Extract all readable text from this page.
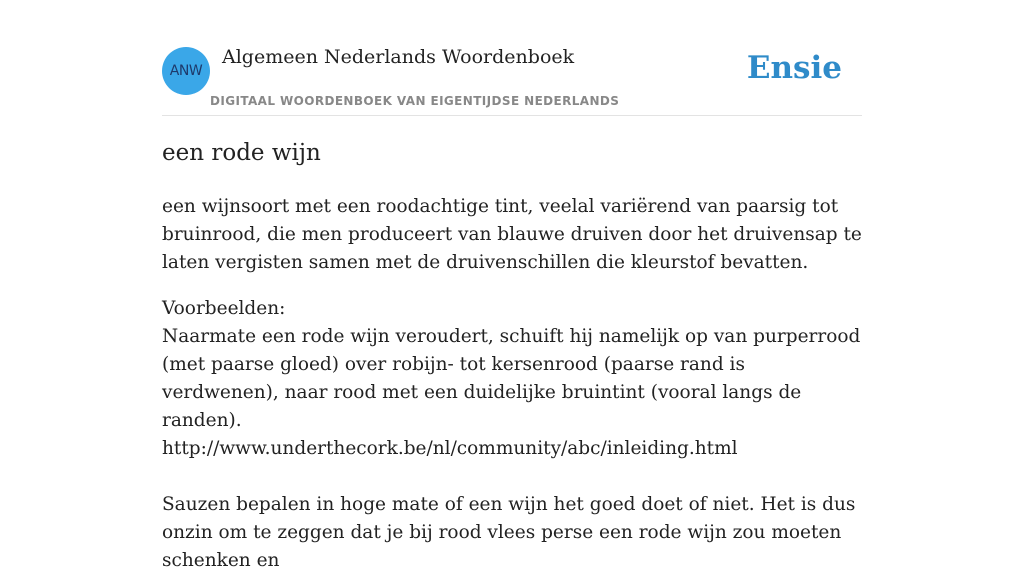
ANW
Algemeen Nederlands Woordenboek
DIGITAAL WOORDENBOEK VAN EIGENTIJDSE NEDERLANDS
Ensie
een rode wijn

een wijnsoort met een roodachtige tint, veelal variërend van paarsig tot bruinrood, die men produceert van blauwe druiven door het druivensap te laten vergisten samen met de druivenschillen die kleurstof bevatten.

Voorbeelden:

Naarmate een rode wijn veroudert, schuift hij namelijk op van purperrood (met paarse gloed) over robijn- tot kersenrood (paarse rand is verdwenen), naar rood met een duidelijke bruintint (vooral langs de randen).

http://www.underthecork.be/nl/community/abc/inleiding.html

Sauzen bepalen in hoge mate of een wijn het goed doet of niet. Het is dus onzin om te zeggen dat je bij rood vlees perse een rode wijn zou moeten schenken en
